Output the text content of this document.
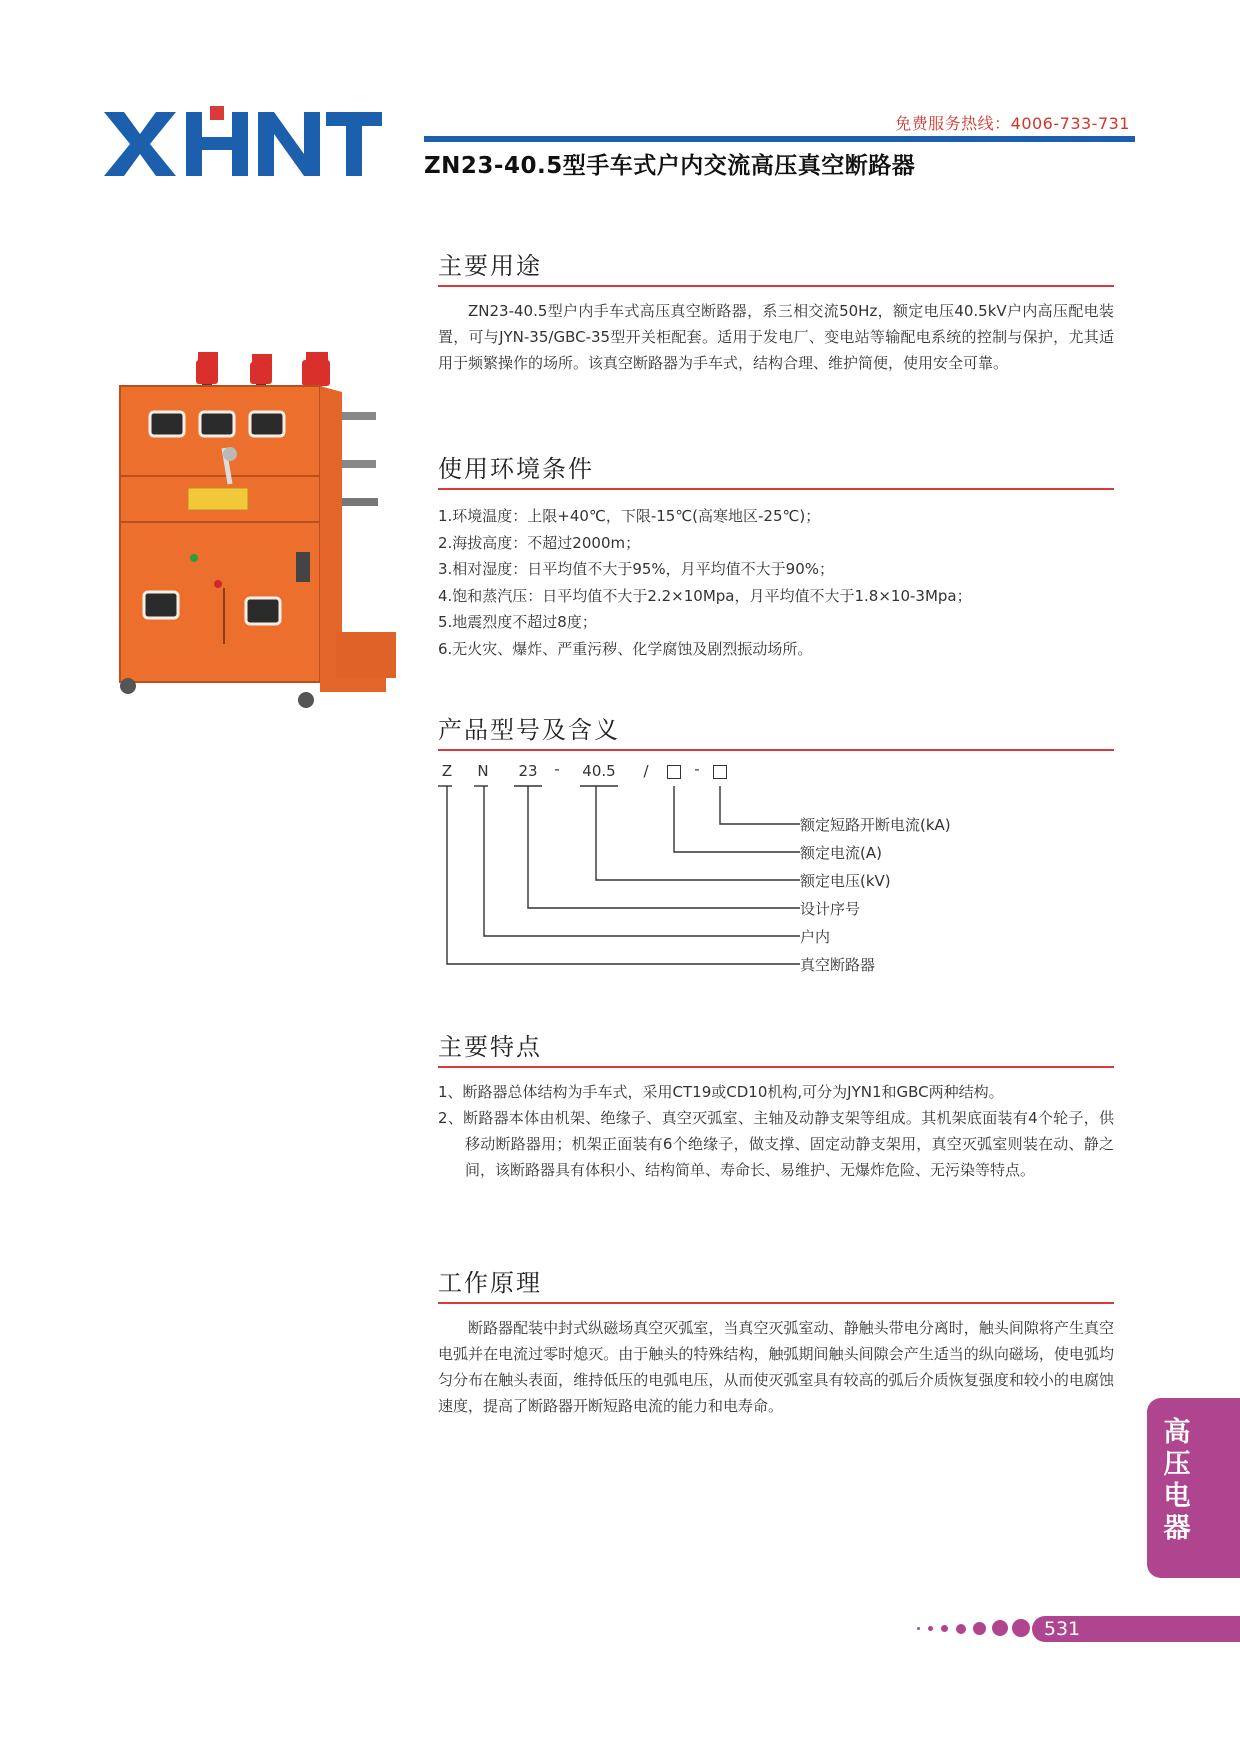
免费服务热线：4006-733-731
ZN23-40.5型手车式户内交流高压真空断路器
主要用途

ZN23-40.5型户内手车式高压真空断路器，系三相交流50Hz，额定电压40.5kV户内高压配电装置，可与JYN-35/GBC-35型开关柜配套。适用于发电厂、变电站等输配电系统的控制与保护，尤其适用于频繁操作的场所。该真空断路器为手车式，结构合理、维护简便，使用安全可靠。

使用环境条件
1.环境温度：上限+40℃，下限-15℃(高寒地区-25℃)；
2.海拔高度：不超过2000m；
3.相对湿度：日平均值不大于95%，月平均值不大于90%；
4.饱和蒸汽压：日平均值不大于2.2×10Mpa，月平均值不大于1.8×10-3Mpa；
5.地震烈度不超过8度；
6.无火灾、爆炸、严重污秽、化学腐蚀及剧烈振动场所。
产品型号及含义
Z N 23 - 40.5 /	-
额定短路开断电流(kA)
额定电流(A)
额定电压(kV)
设计序号
户内
真空断路器
主要特点
1、断路器总体结构为手车式，采用CT19或CD10机构,可分为JYN1和GBC两种结构。
2、断路器本体由机架、绝缘子、真空灭弧室、主轴及动静支架等组成。其机架底面装有4个轮子，供移动断路器用；机架正面装有6个绝缘子，做支撑、固定动静支架用，真空灭弧室则装在动、静之间，该断路器具有体积小、结构简单、寿命长、易维护、无爆炸危险、无污染等特点。
工作原理

断路器配装中封式纵磁场真空灭弧室，当真空灭弧室动、静触头带电分离时，触头间隙将产生真空电弧并在电流过零时熄灭。由于触头的特殊结构，触弧期间触头间隙会产生适当的纵向磁场，使电弧均匀分布在触头表面，维持低压的电弧电压，从而使灭弧室具有较高的弧后介质恢复强度和较小的电腐蚀速度，提高了断路器开断短路电流的能力和电寿命。

高
压
电
器
531
